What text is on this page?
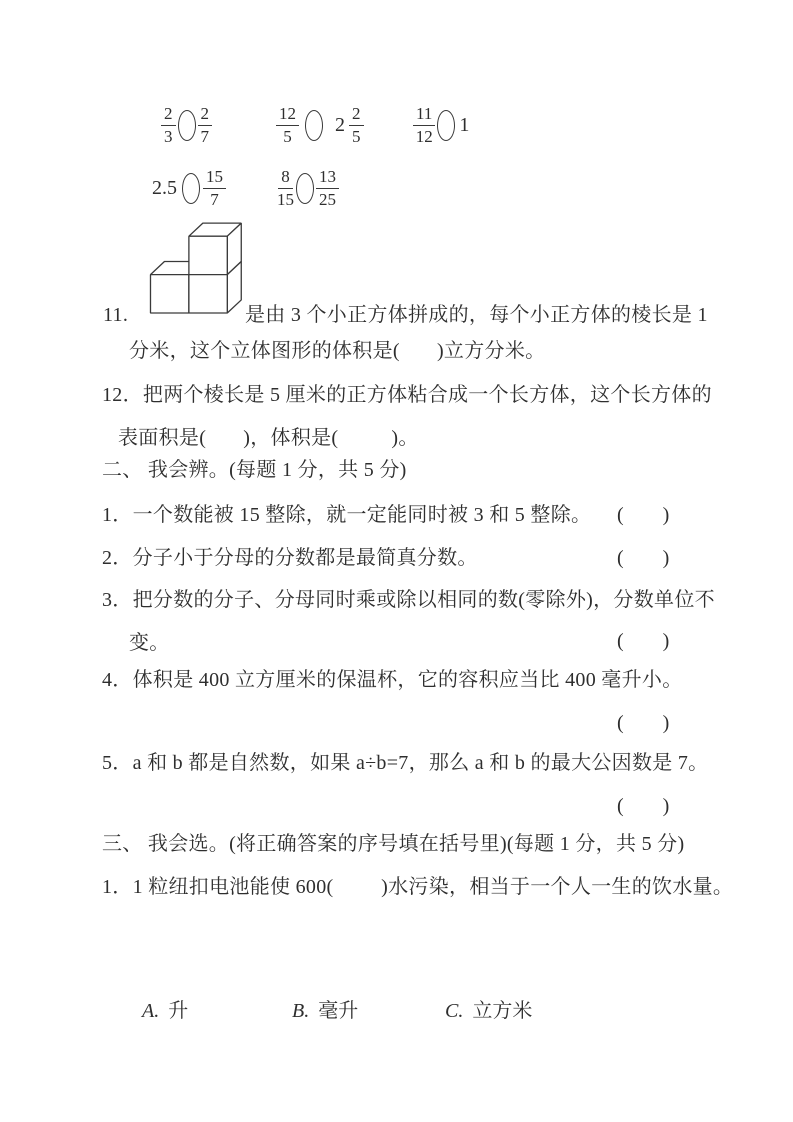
$\frac{2}{3} \frac{2}{7}$	$\frac{12}{5} 2 \frac{2}{5}$	$\frac{11}{12} 1$
$2.5 \frac{15}{7}$	$\frac{8}{15} \frac{13}{25}$
11.	是由 3 个小正方体拼成的，每个小正方体的棱长是 1
分米，这个立体图形的体积是(       )立方分米。
12．把两个棱长是 5 厘米的正方体粘合成一个长方体，这个长方体的
表面积是(       )，体积是(          )。
二、 我会辨。(每题 1 分，共 5 分)
1．一个数能被 15 整除，就一定能同时被 3 和 5 整除。 (       )
2．分子小于分母的分数都是最简真分数。	(       )
3．把分数的分子、分母同时乘或除以相同的数(零除外)，分数单位不
变。	(       )
4．体积是 400 立方厘米的保温杯，它的容积应当比 400 毫升小。
(       )
5．a 和 b 都是自然数，如果 a÷b=7，那么 a 和 b 的最大公因数是 7。
(       )
三、 我会选。(将正确答案的序号填在括号里)(每题 1 分，共 5 分)
1．1 粒纽扣电池能使 600(         )水污染，相当于一个人一生的饮水量。
A. 升	B. 毫升	C. 立方米
